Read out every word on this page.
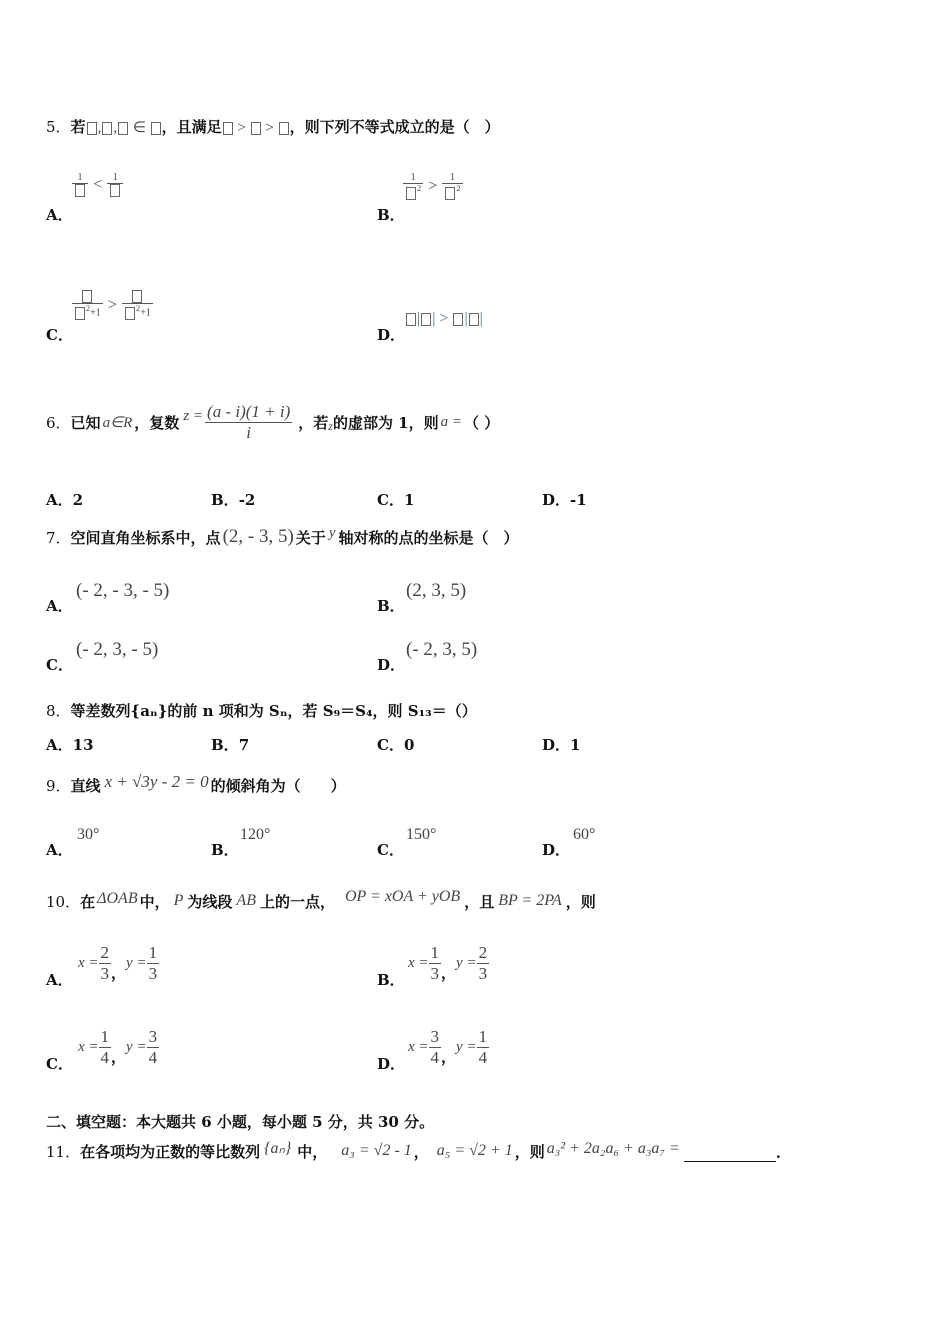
5．若 , , ∈ ，且满足 >  > ，则下列不等式成立的是（　）
A．
1 <	1
B．
$\frac{1}{^2} > \frac{1}{^2}$
C．
$^2$+1 >	$^2$+1
D．
| | > | |
6． 已知 a∈R ，复数 $z = \frac{(a - i)(1 + i)}{i}$ ，若 z 的虚部为 1，则 a = （ ）
A．2	B．-2	C．1	D．-1
7． 空间直角坐标系中，点 (2, - 3, 5) 关于 y 轴对称的点的坐标是（　）
A．
(- 2, - 3, - 5)
B．
(2, 3, 5)
C．
(- 2, 3, - 5)
D．
(- 2, 3, 5)
8．等差数列{aₙ}的前 n 项和为 Sₙ，若 S₉＝S₄，则 S₁₃＝（）
A．13	B．7	C．0	D．1
9． 直线 x + √3y - 2 = 0 的倾斜角为（　　）
A．
30°
B．
120°
C．
150°
D．
60°
10． 在 ΔOAB 中， P 为线段 AB 上的一点， OP = xOA + yOB ，且 BP = 2PA ，则
A．
$x = \frac{2}{3}$ ，
$y = \frac{1}{3}$	B．
$x = \frac{1}{3}$ ，
$y = \frac{2}{3}$
C．
$x = \frac{1}{4}$ ，
$y = \frac{3}{4}$	D．
$x = \frac{3}{4}$ ，
$y = \frac{1}{4}$
二、填空题：本大题共 6 小题，每小题 5 分，共 30 分。
11． 在各项均为正数的等比数列 {aₙ} 中， a₃ = √2 - 1 ， a₅ = √2 + 1 ，则 a₃² + 2a₂a₆ + a₃a₇ =	.
